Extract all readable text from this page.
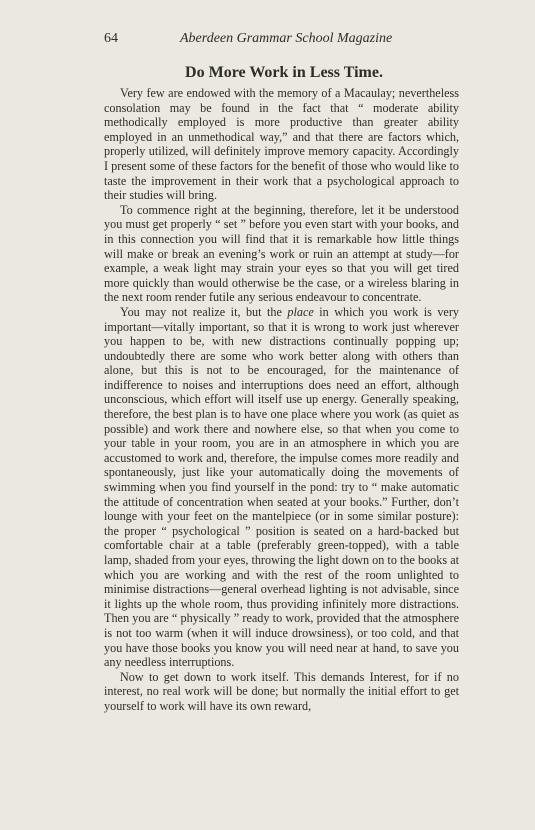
64	Aberdeen Grammar School Magazine
Do More Work in Less Time.

Very few are endowed with the memory of a Macaulay; nevertheless consolation may be found in the fact that “ moderate ability methodically employed is more productive than greater ability employed in an unmethodical way,” and that there are factors which, properly utilized, will definitely improve memory capacity. Accordingly I present some of these factors for the benefit of those who would like to taste the improvement in their work that a psychological approach to their studies will bring.

To commence right at the beginning, therefore, let it be understood you must get properly “ set ” before you even start with your books, and in this connection you will find that it is remarkable how little things will make or break an evening’s work or ruin an attempt at study—for example, a weak light may strain your eyes so that you will get tired more quickly than would otherwise be the case, or a wireless blaring in the next room render futile any serious endeavour to concentrate.

You may not realize it, but the place in which you work is very important—vitally important, so that it is wrong to work just wherever you happen to be, with new distractions continually popping up; undoubtedly there are some who work better along with others than alone, but this is not to be encouraged, for the maintenance of indifference to noises and interruptions does need an effort, although unconscious, which effort will itself use up energy. Generally speaking, therefore, the best plan is to have one place where you work (as quiet as possible) and work there and nowhere else, so that when you come to your table in your room, you are in an atmosphere in which you are accustomed to work and, therefore, the impulse comes more readily and spontaneously, just like your automatically doing the movements of swimming when you find yourself in the pond: try to “ make automatic the attitude of concentration when seated at your books.” Further, don’t lounge with your feet on the mantelpiece (or in some similar posture): the proper “ psychological ” position is seated on a hard-backed but comfortable chair at a table (preferably green-topped), with a table lamp, shaded from your eyes, throwing the light down on to the books at which you are working and with the rest of the room unlighted to minimise distractions—general overhead lighting is not advisable, since it lights up the whole room, thus providing infinitely more distractions. Then you are “ physically ” ready to work, provided that the atmosphere is not too warm (when it will induce drowsiness), or too cold, and that you have those books you know you will need near at hand, to save you any needless interruptions.

Now to get down to work itself. This demands Interest, for if no interest, no real work will be done; but normally the initial effort to get yourself to work will have its own reward,
